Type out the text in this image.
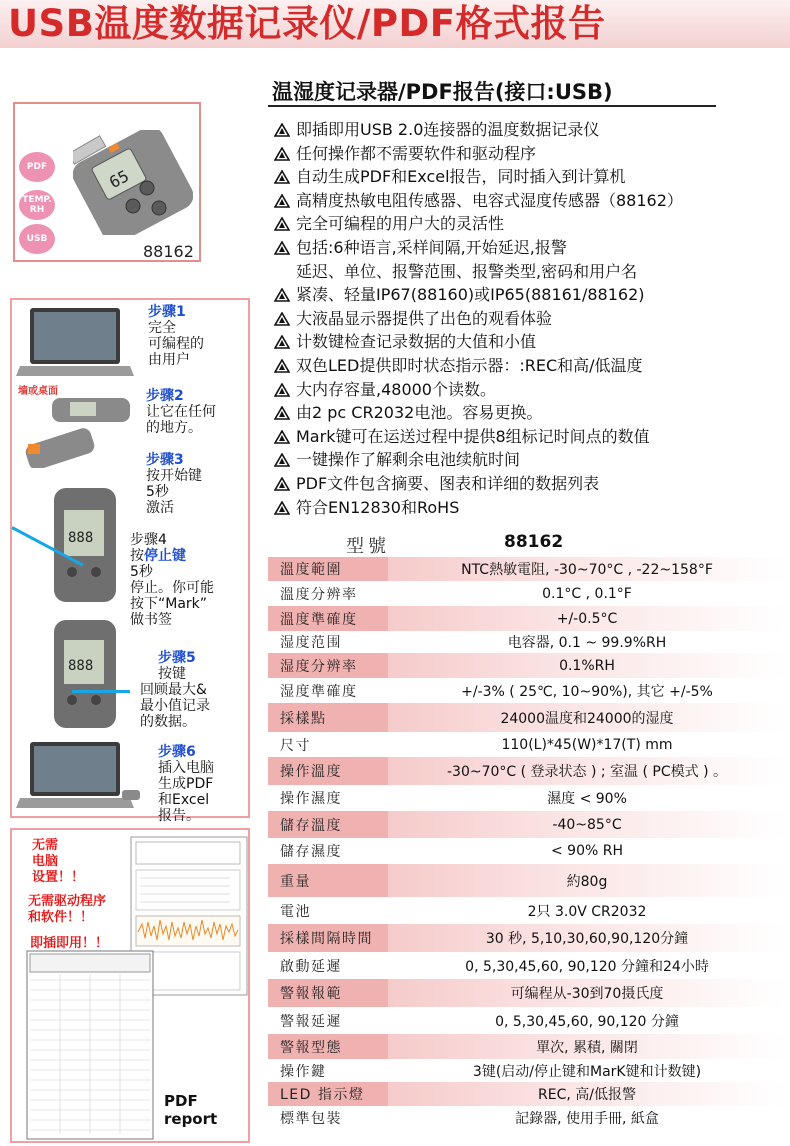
USB温度数据记录仪/PDF格式报告
PDF
TEMP. RH
USB
65
88162
墙或桌面
888
888
步骤1
完全
可编程的
由用户
步骤2
让它在任何
的地方。
步骤3
按开始键
5秒
激活
步骤4
按停止键
5秒
停止。你可能
按下“Mark”
做书签
步骤5
按键
回顾最大&
最小值记录
的数据。
步骤6
插入电脑
生成PDF
和Excel
报告。
无需
电脑
设置！！
无需驱动程序
和软件！！
即插即用！！
PDF
report
温湿度记录器/PDF报告(接口:USB)
即插即用USB 2.0连接器的温度数据记录仪
任何操作都不需要软件和驱动程序
自动生成PDF和Excel报告，同时插入到计算机
高精度热敏电阻传感器、电容式湿度传感器（88162）
完全可编程的用户大的灵活性
包括:6种语言,采样间隔,开始延迟,报警
延迟、单位、报警范围、报警类型,密码和用户名
紧凑、轻量IP67(88160)或IP65(88161/88162)
大液晶显示器提供了出色的观看体验
计数键检查记录数据的大值和小值
双色LED提供即时状态指示器：:REC和高/低温度
大内存容量,48000个读数。
由2 pc CR2032电池。容易更换。
Mark键可在运送过程中提供8组标记时间点的数值
一键操作了解剩余电池续航时间
PDF文件包含摘要、图表和详细的数据列表
符合EN12830和RoHS
型號	88162
溫度範圍	NTC熱敏電阻, -30~70°C , -22~158°F
溫度分辨率	0.1°C , 0.1°F
溫度準確度	+/-0.5°C
湿度范围	电容器, 0.1 ~ 99.9%RH
湿度分辨率	0.1%RH
湿度準確度	+/-3% ( 25℃, 10~90%), 其它 +/-5%
採樣點	24000温度和24000的湿度
尺寸	110(L)*45(W)*17(T) mm
操作溫度	-30~70°C ( 登录状态 ) ; 室温 ( PC模式 ) 。
操作濕度	濕度 < 90%
儲存溫度	-40~85°C
儲存濕度	< 90% RH
重量	約80g
電池	2只 3.0V CR2032
採樣間隔時間	30 秒, 5,10,30,60,90,120分鐘
啟動延遲	0, 5,30,45,60, 90,120 分鐘和24小時
警報報範	可编程从-30到70摄氏度
警報延遲	0, 5,30,45,60, 90,120 分鐘
警報型態	單次, 累積, 關閉
操作鍵	3键(启动/停止键和MarK键和计数键)
LED 指示燈	REC, 高/低报警
標準包裝	記錄器, 使用手冊, 紙盒
